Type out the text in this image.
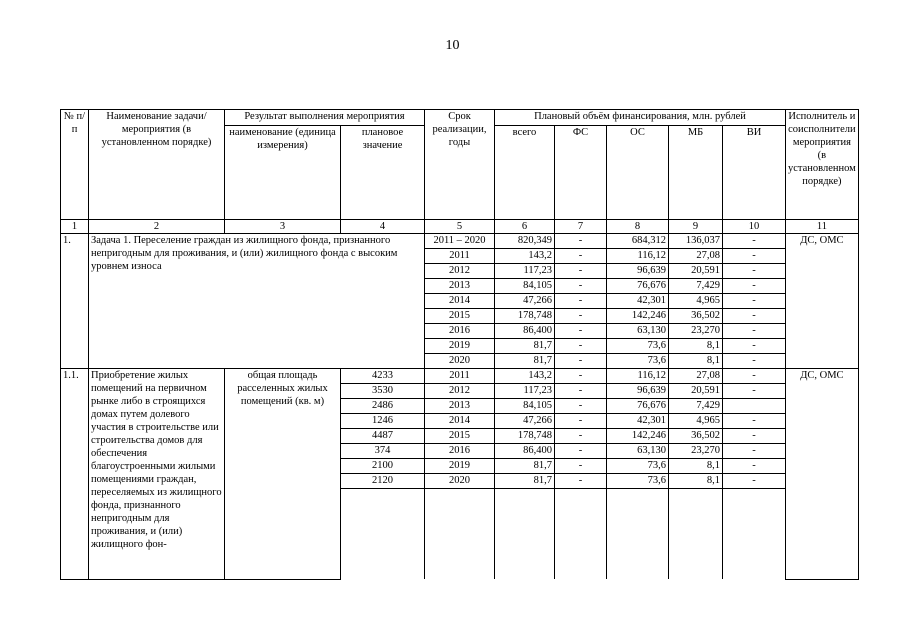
10
№ п/п	Наименование задачи/мероприятия (в установленном порядке)	Результат выполнения мероприятия		Срок реализации, годы	Плановый объём финансирования, млн. рублей					Исполнитель и соисполнители мероприятия (в установленном порядке)
		наименование (единица измерения)	плановое значение		всего	ФС	ОС	МБ	ВИ	
1	2	3	4	5	6	7	8	9	10	11
1.	Задача 1. Переселение граждан из жилищного фонда, признанного непригодным для проживания, и (или) жилищного фонда с высоким уровнем износа			2011 – 2020	820,349	-	684,312	136,037	-	ДС, ОМС
				2011	143,2	-	116,12	27,08	-	
				2012	117,23	-	96,639	20,591	-	
				2013	84,105	-	76,676	7,429	-	
				2014	47,266	-	42,301	4,965	-	
				2015	178,748	-	142,246	36,502	-	
				2016	86,400	-	63,130	23,270	-	
				2019	81,7	-	73,6	8,1	-	
				2020	81,7	-	73,6	8,1	-	
1.1.	Приобретение жилых помещений на первичном рынке либо в строящихся домах путем долевого участия в строительстве или строительства домов для обеспечения благоустроенными жилыми помещениями граждан, переселяемых из жилищного фонда, признанного непригодным для проживания, и (или) жилищного фон-	общая площадь расселенных жилых помещений (кв. м)	4233	2011	143,2	-	116,12	27,08	-	ДС, ОМС
			3530	2012	117,23	-	96,639	20,591	-	
			2486	2013	84,105	-	76,676	7,429		
			1246	2014	47,266	-	42,301	4,965	-	
			4487	2015	178,748	-	142,246	36,502	-	
			374	2016	86,400	-	63,130	23,270	-	
			2100	2019	81,7	-	73,6	8,1	-	
			2120	2020	81,7	-	73,6	8,1	-	
